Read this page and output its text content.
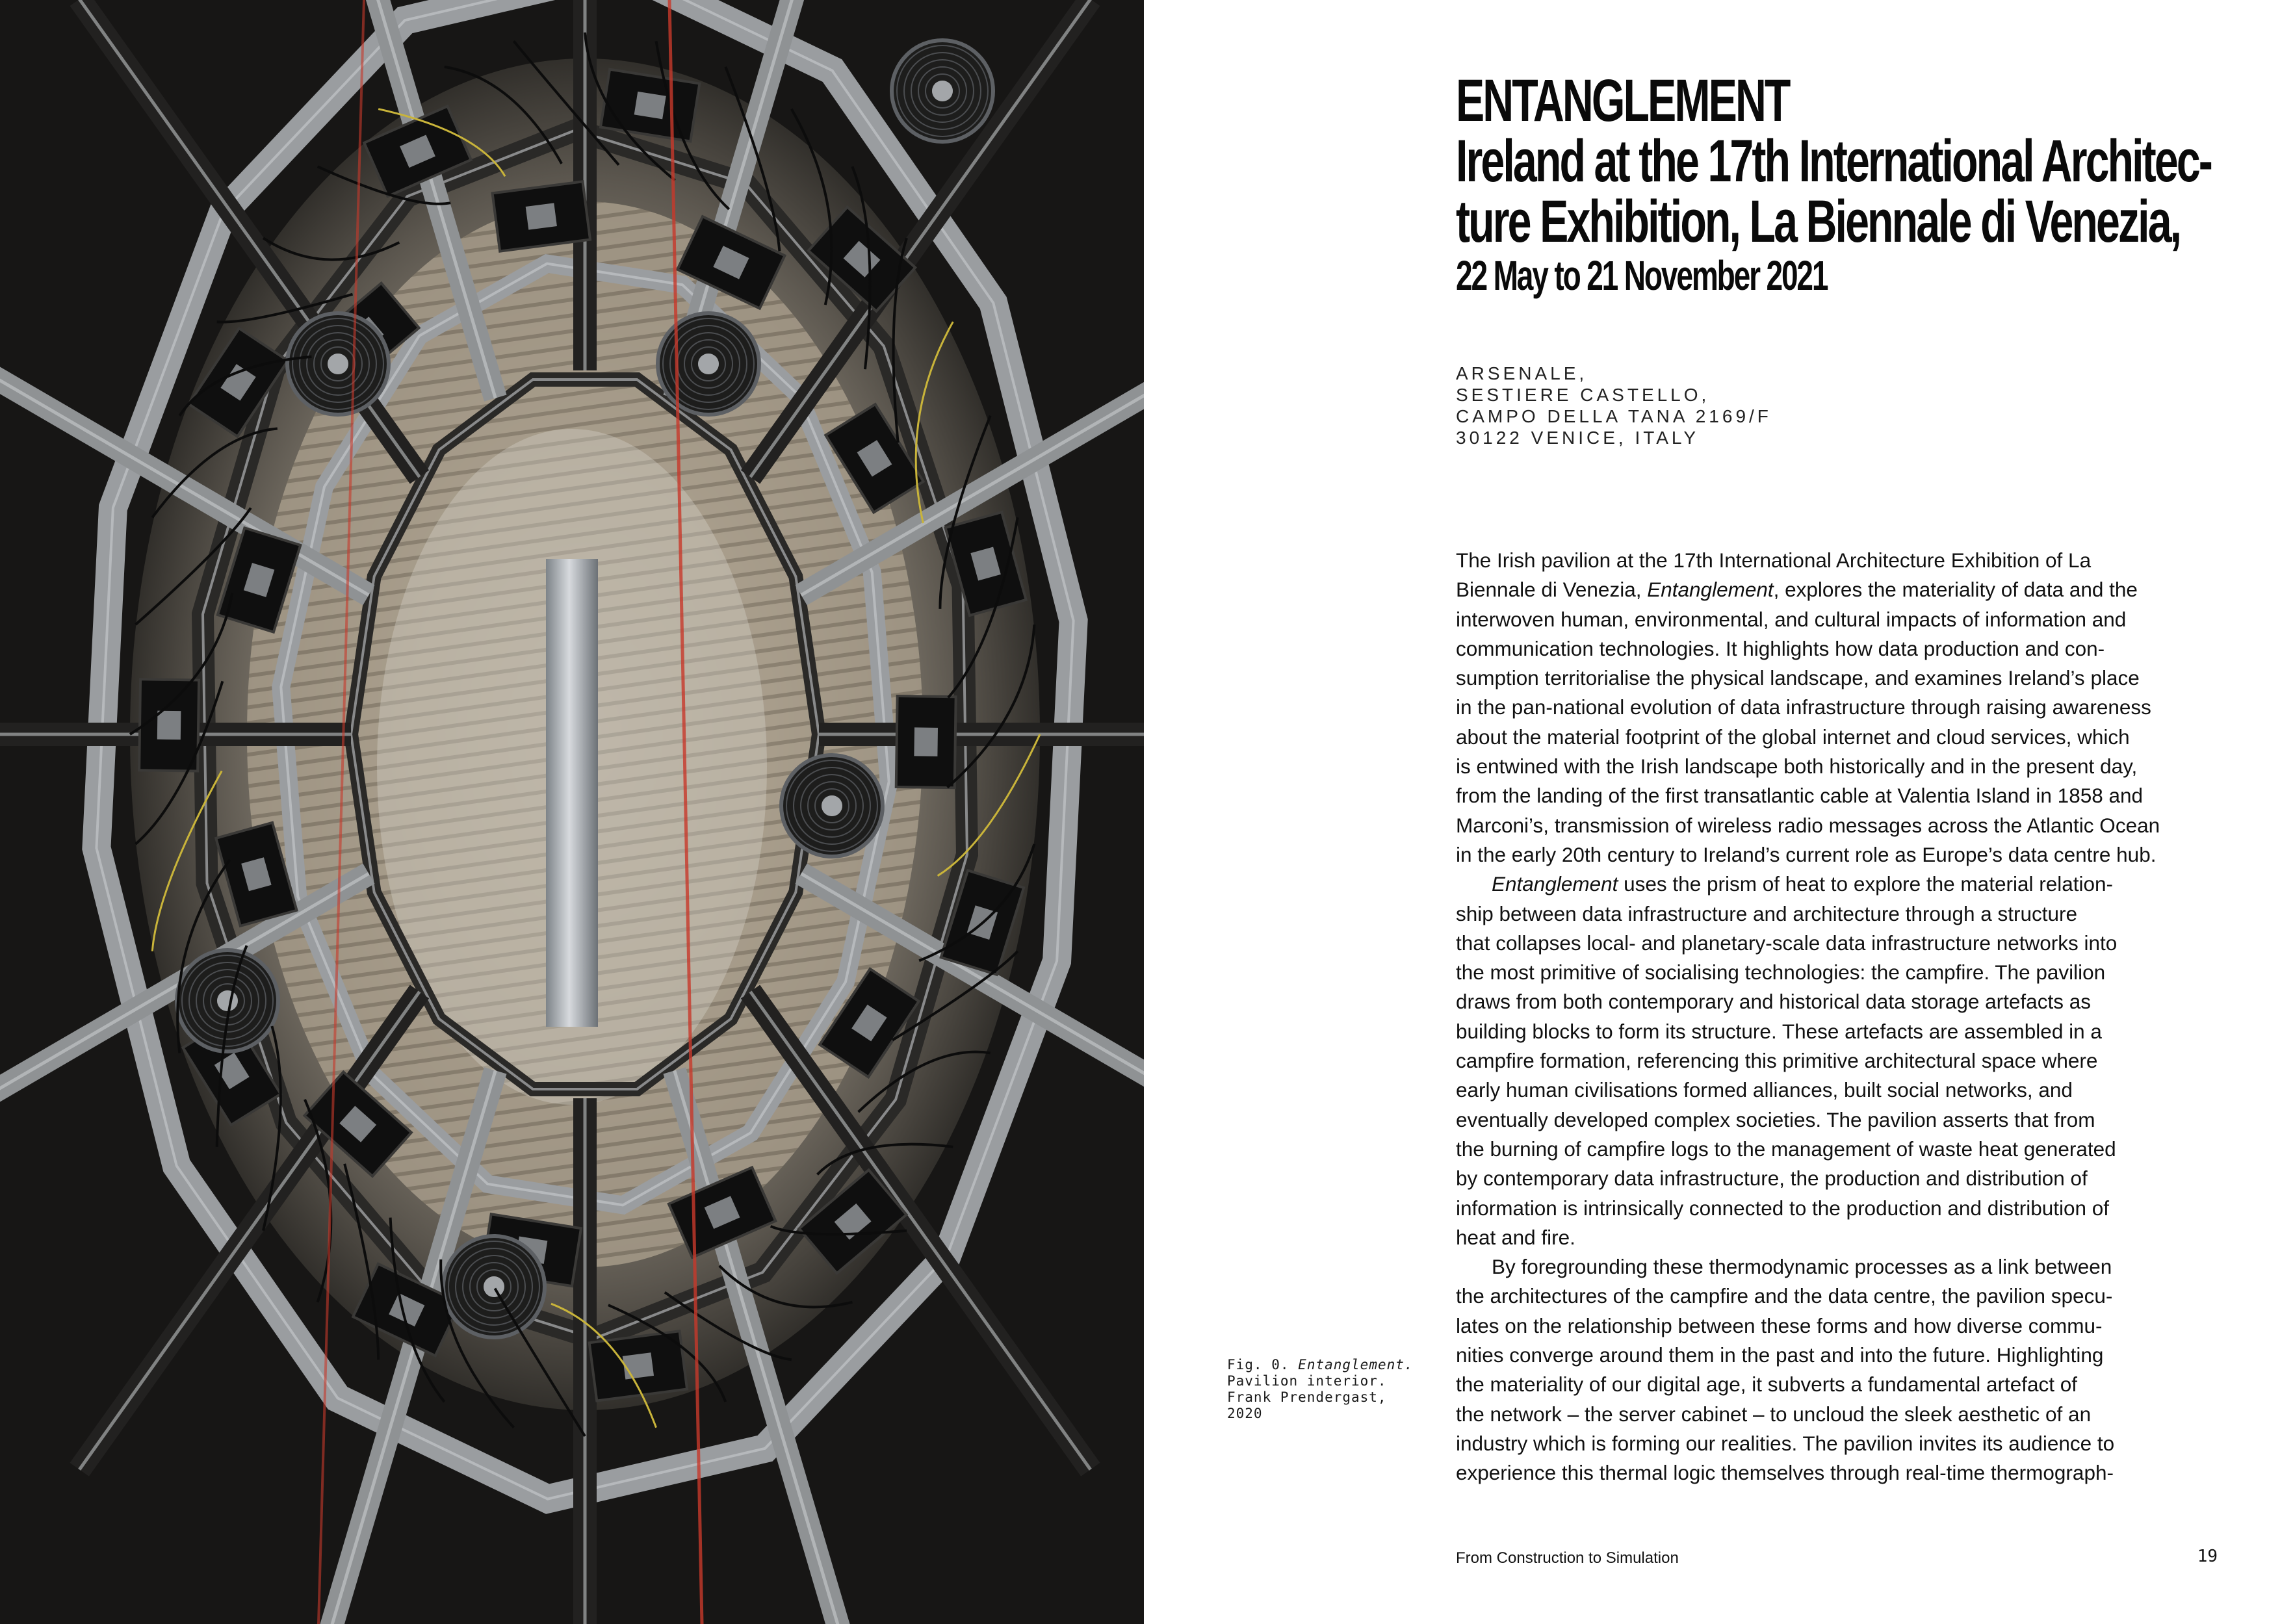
Fig. 0. Entanglement.
Pavilion interior.
Frank Prendergast,
2020
ENTANGLEMENT
Ireland at the 17th International Architec-
ture Exhibition, La Biennale di Venezia,
22 May to 21 November 2021
ARSENALE,
SESTIERE CASTELLO,
CAMPO DELLA TANA 2169/F
30122 VENICE, ITALY
The Irish pavilion at the 17th International Architecture Exhibition of La
Biennale di Venezia, Entanglement, explores the materiality of data and the
interwoven human, environmental, and cultural impacts of information and
communication technologies. It highlights how data production and con-
sumption territorialise the physical landscape, and examines Ireland’s place
in the pan-national evolution of data infrastructure through raising awareness
about the material footprint of the global internet and cloud services, which
is entwined with the Irish landscape both historically and in the present day,
from the landing of the first transatlantic cable at Valentia Island in 1858 and
Marconi’s, transmission of wireless radio messages across the Atlantic Ocean
in the early 20th century to Ireland’s current role as Europe’s data centre hub.
Entanglement uses the prism of heat to explore the material relation-
ship between data infrastructure and architecture through a structure
that collapses local- and planetary-scale data infrastructure networks into
the most primitive of socialising technologies: the campfire. The pavilion
draws from both contemporary and historical data storage artefacts as
building blocks to form its structure. These artefacts are assembled in a
campfire formation, referencing this primitive architectural space where
early human civilisations formed alliances, built social networks, and
eventually developed complex societies. The pavilion asserts that from
the burning of campfire logs to the management of waste heat generated
by contemporary data infrastructure, the production and distribution of
information is intrinsically connected to the production and distribution of
heat and fire.
By foregrounding these thermodynamic processes as a link between
the architectures of the campfire and the data centre, the pavilion specu-
lates on the relationship between these forms and how diverse commu-
nities converge around them in the past and into the future. Highlighting
the materiality of our digital age, it subverts a fundamental artefact of
the network – the server cabinet – to uncloud the sleek aesthetic of an
industry which is forming our realities. The pavilion invites its audience to
experience this thermal logic themselves through real-time thermograph-
From Construction to Simulation	19
